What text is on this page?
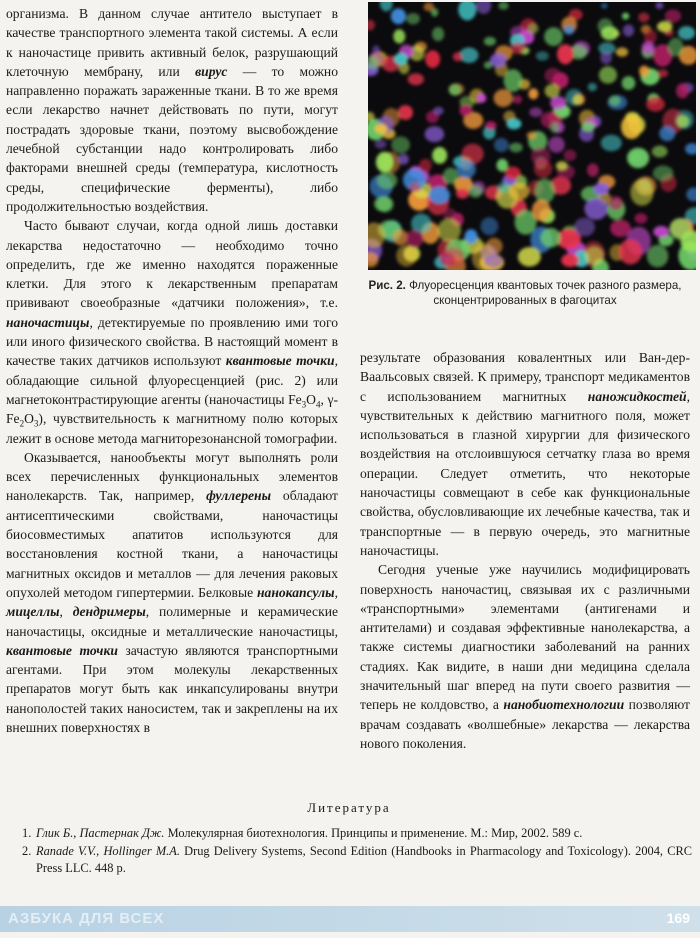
организма. В данном случае антитело выступает в качестве транспортного элемента такой системы. А если к наночастице привить активный белок, разрушающий клеточную мембрану, или вирус — то можно направленно поражать зараженные ткани. В то же время если лекарство начнет действовать по пути, могут пострадать здоровые ткани, поэтому высвобождение лечебной субстанции надо контролировать либо факторами внешней среды (температура, кислотность среды, специфические ферменты), либо продолжительностью воздействия.

Часто бывают случаи, когда одной лишь доставки лекарства недостаточно — необходимо точно определить, где же именно находятся пораженные клетки. Для этого к лекарственным препаратам прививают своеобразные «датчики положения», т.е. наночастицы, детектируемые по проявлению ими того или иного физического свойства. В настоящий момент в качестве таких датчиков используют квантовые точки, обладающие сильной флуоресценцией (рис. 2) или магнетоконтрастирующие агенты (наночастицы $Fe_3O_4$, $\gamma-Fe_2O_3$), чувствительность к магнитному полю которых лежит в основе метода магниторезонансной томографии.

Оказывается, нанообъекты могут выполнять роли всех перечисленных функциональных элементов нанолекарств. Так, например, фуллерены обладают антисептическими свойствами, наночастицы биосовместимых апатитов используются для восстановления костной ткани, а наночастицы магнитных оксидов и металлов — для лечения раковых опухолей методом гипертермии. Белковые нанокапсулы, мицеллы, дендримеры, полимерные и керамические наночастицы, оксидные и металлические наночастицы, квантовые точки зачастую являются транспортными агентами. При этом молекулы лекарственных препаратов могут быть как инкапсулированы внутри нанополостей таких наносистем, так и закреплены на их внешних поверхностях в

Рис. 2. Флуоресценция квантовых точек разного размера, сконцентрированных в фагоцитах

результате образования ковалентных или Ван-дер-Ваальсовых связей. К примеру, транспорт медикаментов с использованием магнитных наножидкостей, чувствительных к действию магнитного поля, может использоваться в глазной хирургии для физического воздействия на отслоившуюся сетчатку глаза во время операции. Следует отметить, что некоторые наночастицы совмещают в себе как функциональные свойства, обусловливающие их лечебные качества, так и транспортные — в первую очередь, это магнитные наночастицы.

Сегодня ученые уже научились модифицировать поверхность наночастиц, связывая их с различными «транспортными» элементами (антигенами и антителами) и создавая эффективные нанолекарства, а также системы диагностики заболеваний на ранних стадиях. Как видите, в наши дни медицина сделала значительный шаг вперед на пути своего развития — теперь не колдовство, а нанобиотехнологии позволяют врачам создавать «волшебные» лекарства — лекарства нового поколения.

Литература
1. Глик Б., Пастернак Дж. Молекулярная биотехнология. Принципы и применение. М.: Мир, 2002. 589 с.
2. Ranade V.V., Hollinger M.A. Drug Delivery Systems, Second Edition (Handbooks in Pharmacology and Toxicology). 2004, CRC Press LLC. 448 p.
АЗБУКА ДЛЯ ВСЕХ	169
